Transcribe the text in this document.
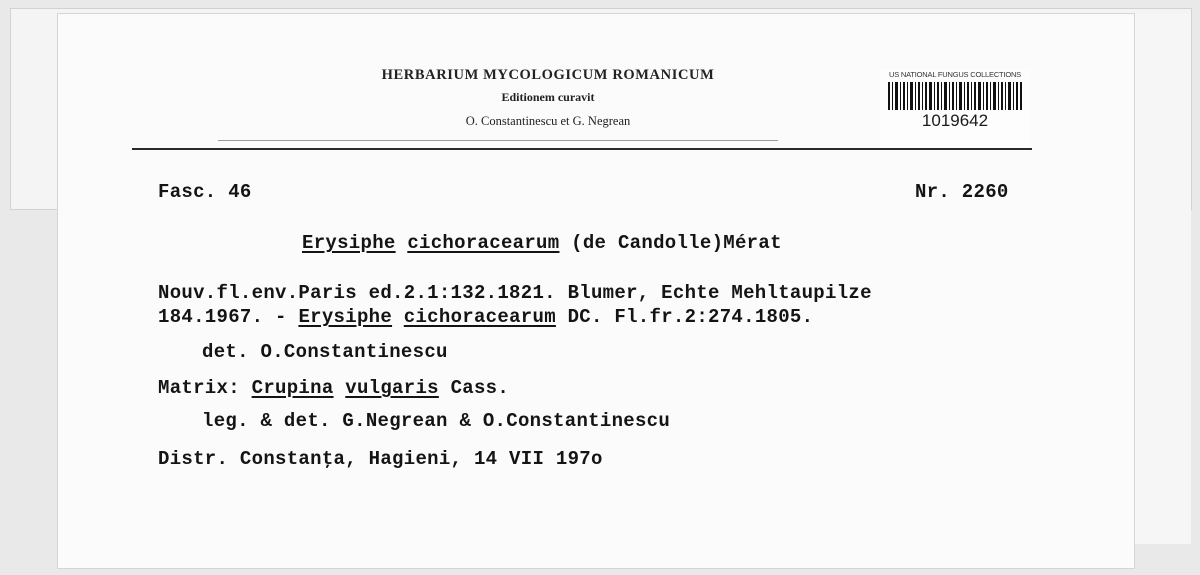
HERBARIUM MYCOLOGICUM ROMANICUM
Editionem curavit
O. Constantinescu et G. Negrean
US NATIONAL FUNGUS COLLECTIONS
1019642
Fasc. 46	Nr. 2260
Erysiphe cichoracearum (de Candolle)Mérat
Nouv.fl.env.Paris ed.2.1:132.1821. Blumer, Echte Mehltaupilze
184.1967. - Erysiphe cichoracearum DC. Fl.fr.2:274.1805.
det. O.Constantinescu
Matrix: Crupina vulgaris Cass.
leg. & det. G.Negrean & O.Constantinescu
Distr. Constanţa, Hagieni, 14 VII 197o
